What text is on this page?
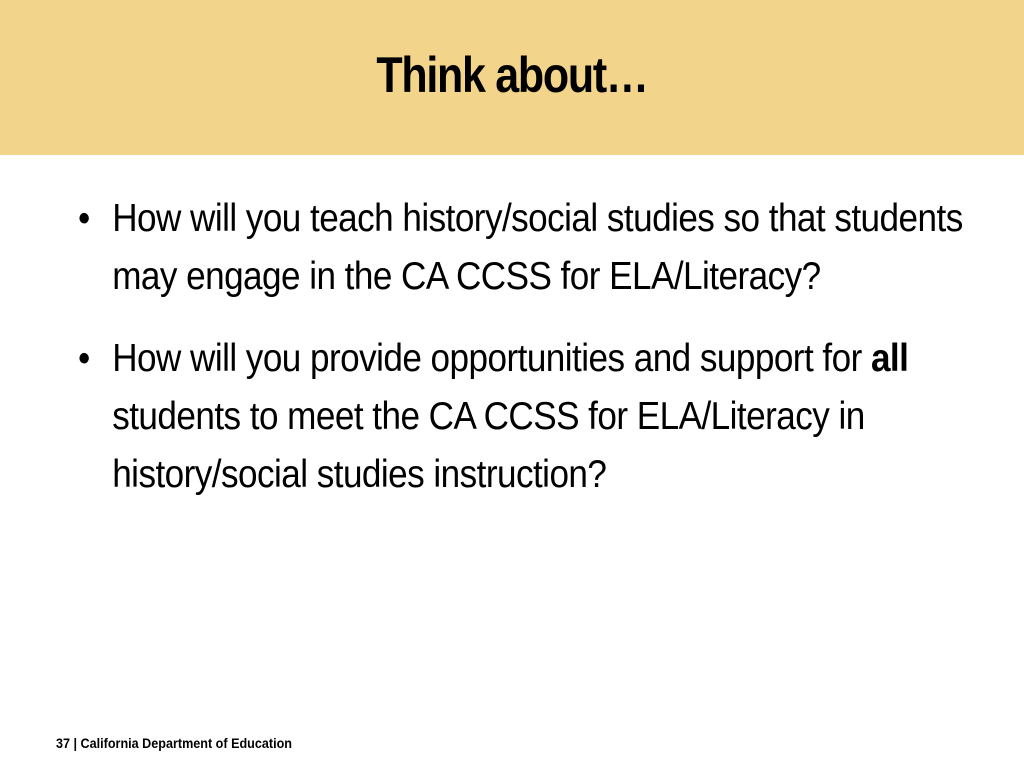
Think about…
• How will you teach history/social studies so that students may engage in the CA CCSS for ELA/Literacy?
• How will you provide opportunities and support for all students to meet the CA CCSS for ELA/Literacy in history/social studies instruction?
37 | California Department of Education
